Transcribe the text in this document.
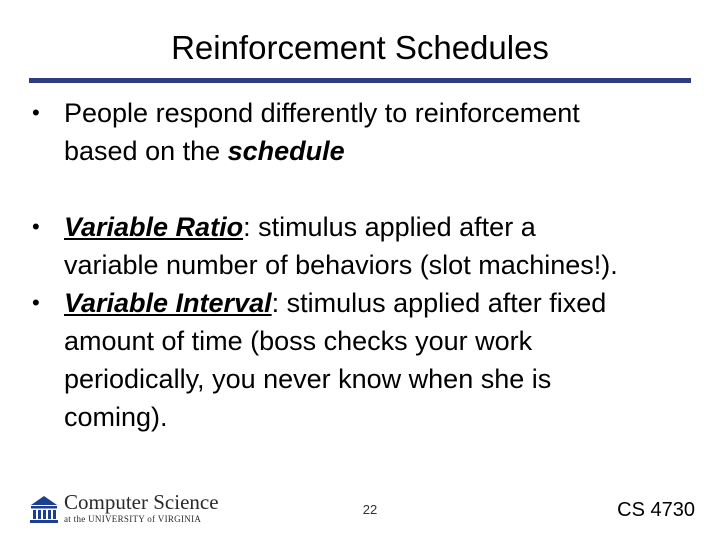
Reinforcement Schedules
• People respond differently to reinforcement
based on the schedule
• Variable Ratio: stimulus applied after a
variable number of behaviors (slot machines!).
• Variable Interval: stimulus applied after fixed
amount of time (boss checks your work
periodically, you never know when she is
coming).
Computer Science
at the UNIVERSITY of VIRGINIA
22	CS 4730
